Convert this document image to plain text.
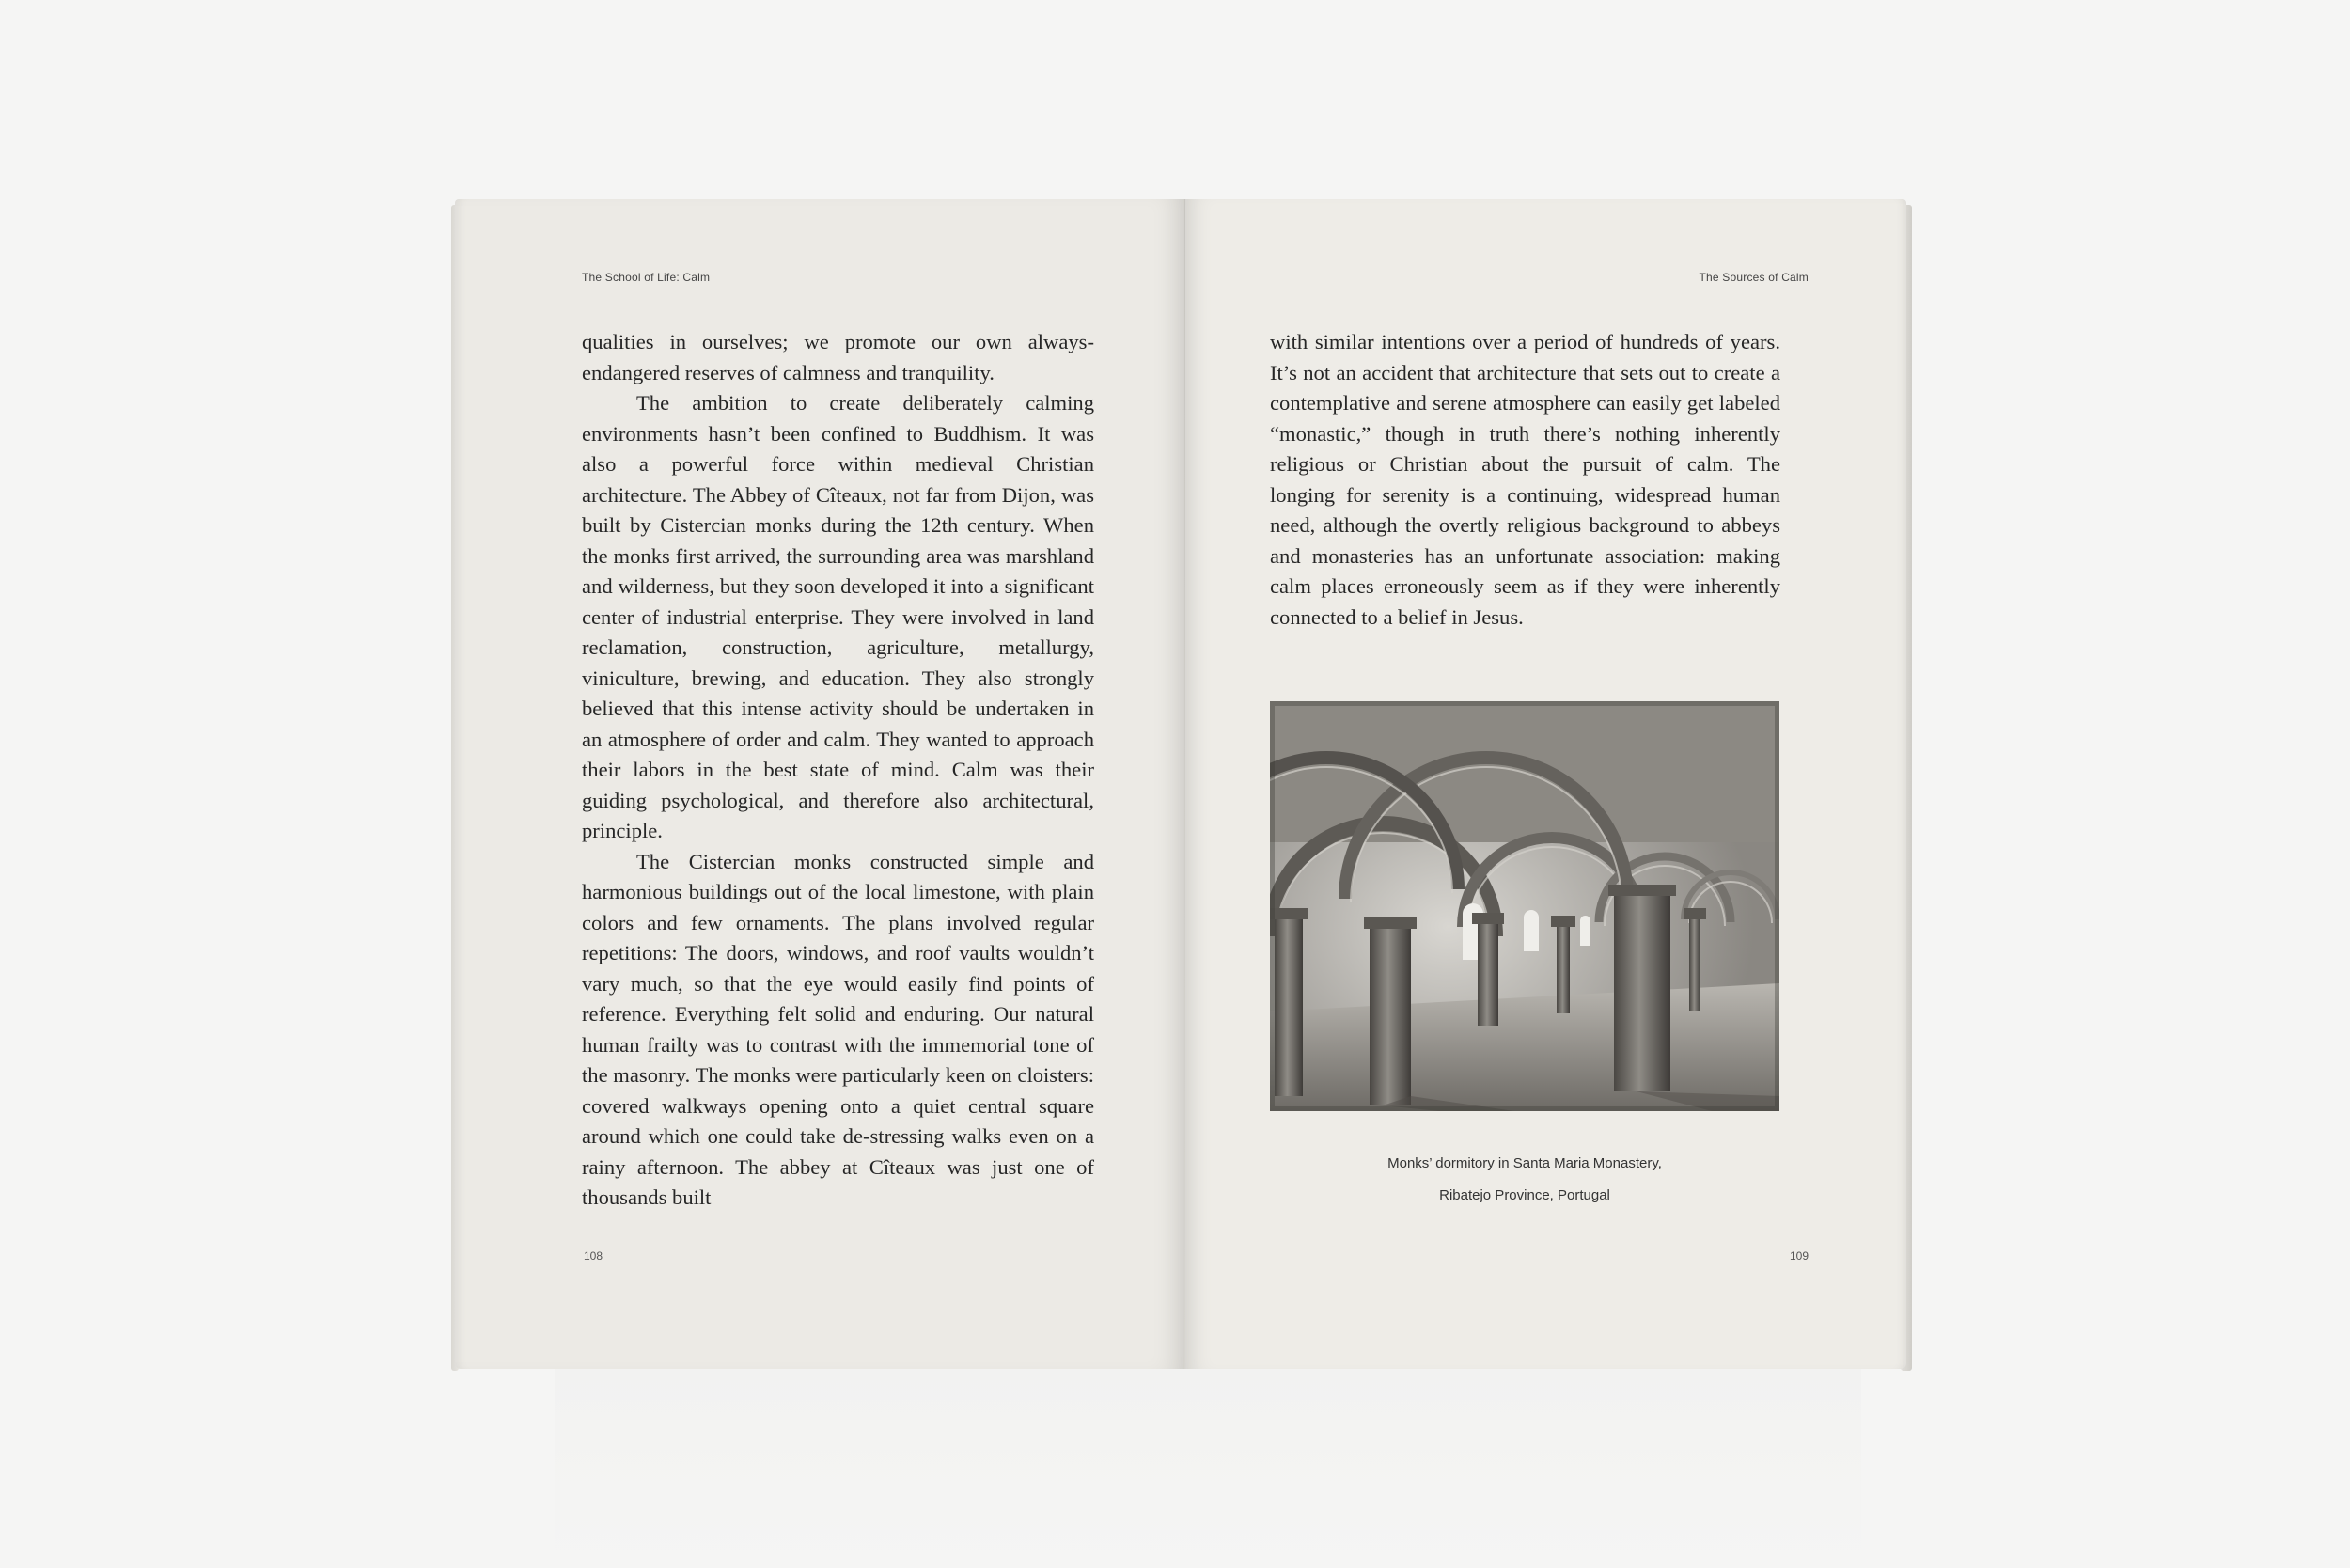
The School of Life: Calm

qualities in ourselves; we promote our own always-endangered reserves of calmness and tranquility.

The ambition to create deliberately calming environments hasn’t been confined to Buddhism. It was also a powerful force within medieval Christian architecture. The Abbey of Cîteaux, not far from Dijon, was built by Cistercian monks during the 12th century. When the monks first arrived, the surrounding area was marshland and wilderness, but they soon developed it into a significant center of industrial enterprise. They were involved in land reclamation, construction, agriculture, metallurgy, viniculture, brewing, and education. They also strongly believed that this intense activity should be undertaken in an atmosphere of order and calm. They wanted to approach their labors in the best state of mind. Calm was their guiding psychological, and therefore also architectural, principle.

The Cistercian monks constructed simple and harmonious buildings out of the local limestone, with plain colors and few ornaments. The plans involved regular repetitions: The doors, windows, and roof vaults wouldn’t vary much, so that the eye would easily find points of reference. Everything felt solid and enduring. Our natural human frailty was to contrast with the immemorial tone of the masonry. The monks were particularly keen on cloisters: covered walkways opening onto a quiet central square around which one could take de-stressing walks even on a rainy afternoon. The abbey at Cîteaux was just one of thousands built

108
The Sources of Calm

with similar intentions over a period of hundreds of years. It’s not an accident that architecture that sets out to create a contemplative and serene atmosphere can easily get labeled “monastic,” though in truth there’s nothing inherently religious or Christian about the pursuit of calm. The longing for serenity is a continuing, widespread human need, although the overtly religious background to abbeys and monasteries has an unfortunate association: making calm places erroneously seem as if they were inherently connected to a belief in Jesus.

Monks’ dormitory in Santa Maria Monastery,
Ribatejo Province, Portugal
109
